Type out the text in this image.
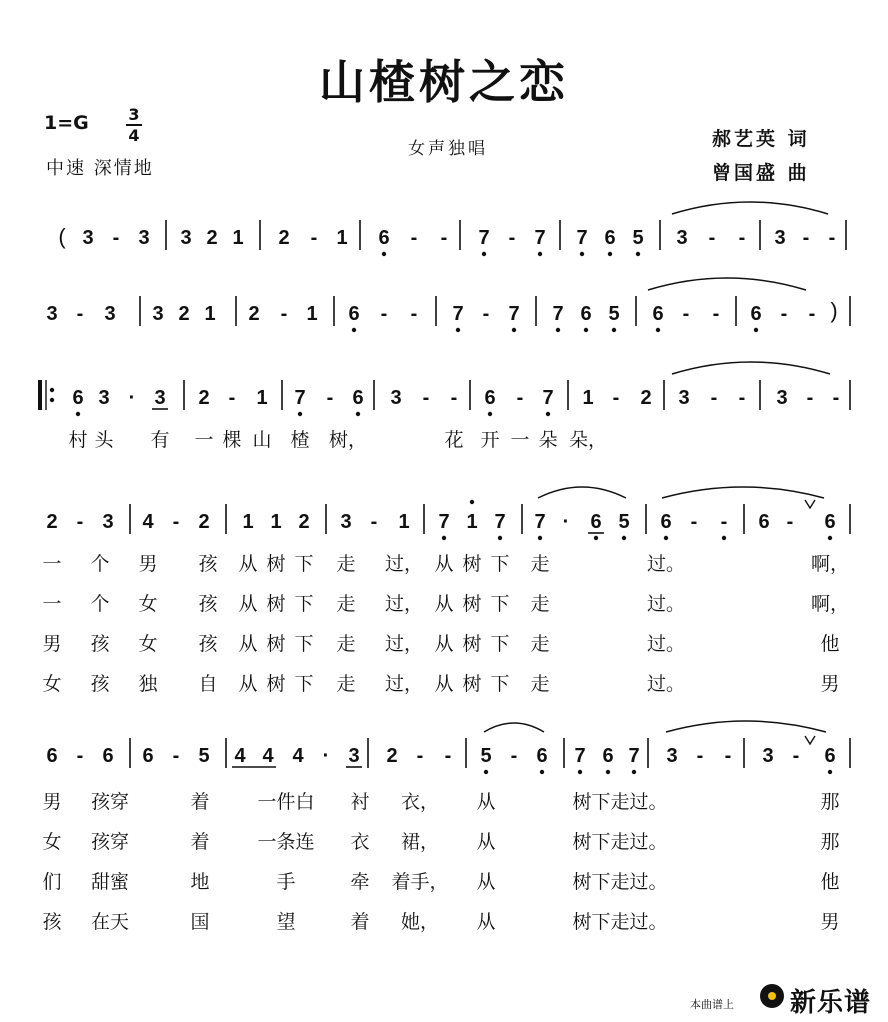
山楂树之恋
1=G 3
4
中速 深情地
女声独唱	郝艺英 词
曾国盛 曲
( 3 - 3 3 2 1 2 - 1 6 - - 7 - 7 7 6 5 3 - - 3 - -
)
3 - 3 3 2 1 2 - 1 6 - - 7 - 7 7 6 5 6 - - 6 - -
6 3 · 3 2 - 1 7 - 6 3 - - 6 - 7 1 - 2 3 - - 3 - -
2 - 3 4 - 2 1 1 2 3 - 1 7 1 7 7 · 6 5 6 - - 6 - 6
6 - 6 6 - 5 4 4 4 · 3 2 - - 5 - 6 7 6 7 3 - - 3 - 6
村 头 有 一 棵 山 楂 树，	花 开 一 朵 朵，
一 个 男 孩 从 树 下 走 过， 从 树 下 走	过。	啊，
一 个 女 孩 从 树 下 走 过， 从 树 下 走	过。	啊，
男 孩 女 孩 从 树 下 走 过， 从 树 下 走	过。	他
女 孩 独 自 从 树 下 走 过， 从 树 下 走	过。	男
男 孩穿	着	一件白 衬 衣， 从	树下走过。	那
女 孩穿	着	一条连 衣 裙， 从	树下走过。	那
们 甜蜜	地	手	牵 着手， 从	树下走过。	他
孩 在天	国	望	着 她， 从	树下走过。	男
本曲谱上 新乐谱
